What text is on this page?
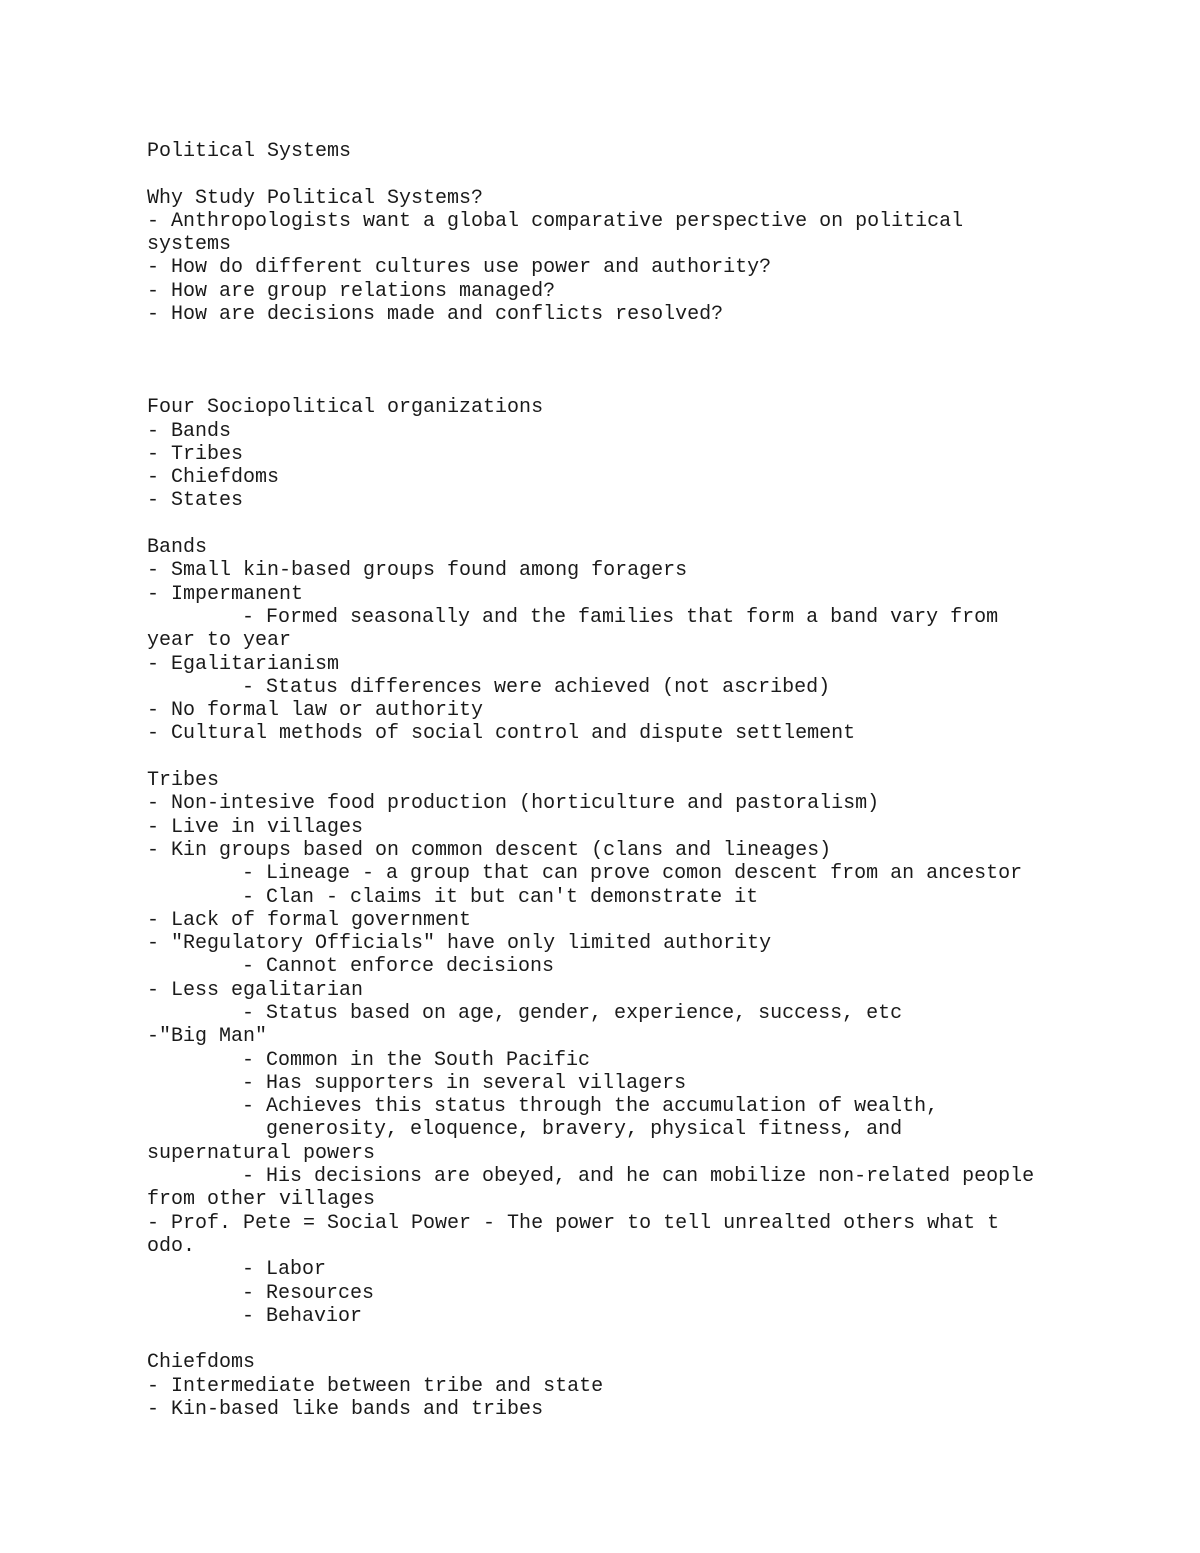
Political Systems
Why Study Political Systems?
- Anthropologists want a global comparative perspective on political
systems
- How do different cultures use power and authority?
- How are group relations managed?
- How are decisions made and conflicts resolved?
Four Sociopolitical organizations
- Bands
- Tribes
- Chiefdoms
- States
Bands
- Small kin-based groups found among foragers
- Impermanent
- Formed seasonally and the families that form a band vary from
year to year
- Egalitarianism
- Status differences were achieved (not ascribed)
- No formal law or authority
- Cultural methods of social control and dispute settlement
Tribes
- Non-intesive food production (horticulture and pastoralism)
- Live in villages
- Kin groups based on common descent (clans and lineages)
- Lineage - a group that can prove comon descent from an ancestor
- Clan - claims it but can't demonstrate it
- Lack of formal government
- "Regulatory Officials" have only limited authority
- Cannot enforce decisions
- Less egalitarian
- Status based on age, gender, experience, success, etc
-"Big Man"
- Common in the South Pacific
- Has supporters in several villagers
- Achieves this status through the accumulation of wealth,
generosity, eloquence, bravery, physical fitness, and
supernatural powers
- His decisions are obeyed, and he can mobilize non-related people
from other villages
- Prof. Pete = Social Power - The power to tell unrealted others what t
odo.
- Labor
- Resources
- Behavior
Chiefdoms
- Intermediate between tribe and state
- Kin-based like bands and tribes
